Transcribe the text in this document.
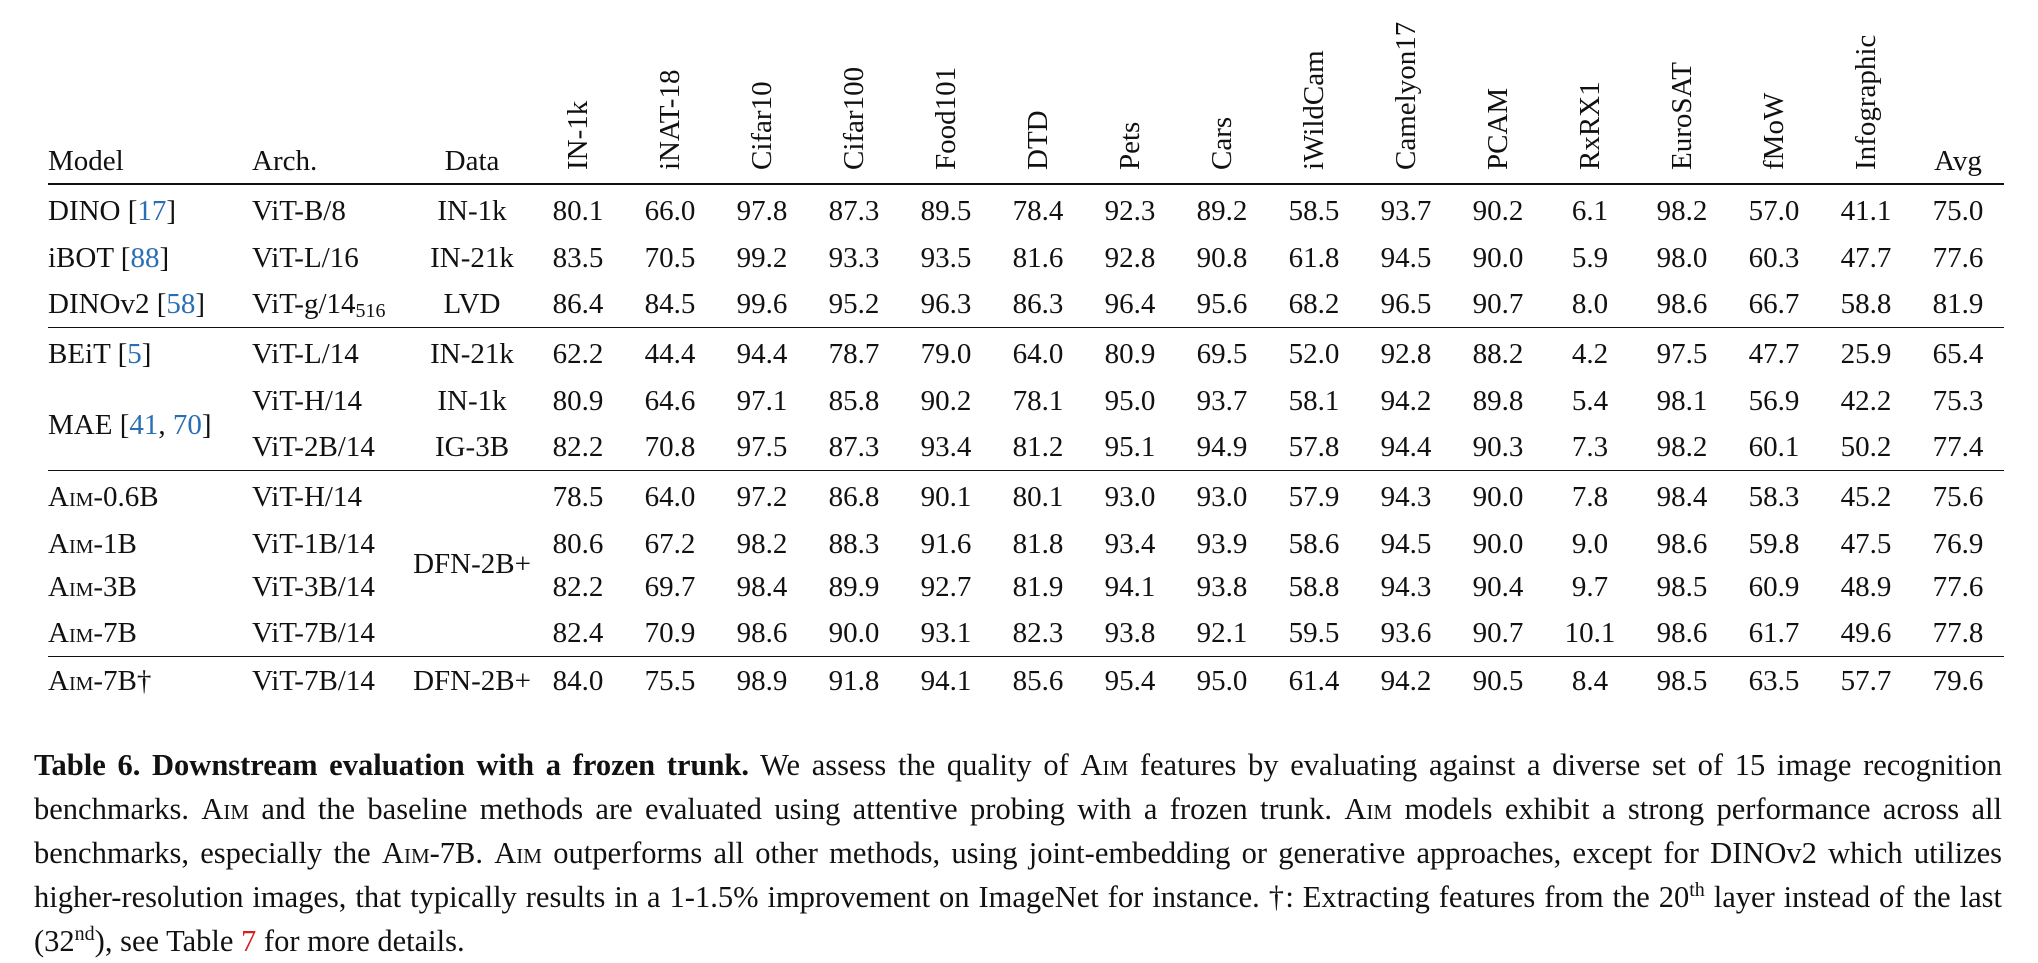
Model	Arch.	Data	IN-1k	iNAT-18	Cifar10	Cifar100	Food101	DTD	Pets	Cars	iWildCam	Camelyon17	PCAM	RxRX1	EuroSAT	fMoW	Infographic	Avg
DINO [17]	ViT-B/8	IN-1k	80.1	66.0	97.8	87.3	89.5	78.4	92.3	89.2	58.5	93.7	90.2	6.1	98.2	57.0	41.1	75.0
iBOT [88]	ViT-L/16	IN-21k	83.5	70.5	99.2	93.3	93.5	81.6	92.8	90.8	61.8	94.5	90.0	5.9	98.0	60.3	47.7	77.6
DINOv2 [58]	ViT-$g/14_{516}$	LVD	86.4	84.5	99.6	95.2	96.3	86.3	96.4	95.6	68.2	96.5	90.7	8.0	98.6	66.7	58.8	81.9
BEiT [5]	ViT-L/14	IN-21k	62.2	44.4	94.4	78.7	79.0	64.0	80.9	69.5	52.0	92.8	88.2	4.2	97.5	47.7	25.9	65.4
MAE [41, 70]	ViT-H/14	IN-1k	80.9	64.6	97.1	85.8	90.2	78.1	95.0	93.7	58.1	94.2	89.8	5.4	98.1	56.9	42.2	75.3
	ViT-2B/14	IG-3B	82.2	70.8	97.5	87.3	93.4	81.2	95.1	94.9	57.8	94.4	90.3	7.3	98.2	60.1	50.2	77.4
Aim-0.6B	ViT-H/14	DFN-2B+	78.5	64.0	97.2	86.8	90.1	80.1	93.0	93.0	57.9	94.3	90.0	7.8	98.4	58.3	45.2	75.6
Aim-1B	ViT-1B/14		80.6	67.2	98.2	88.3	91.6	81.8	93.4	93.9	58.6	94.5	90.0	9.0	98.6	59.8	47.5	76.9
Aim-3B	ViT-3B/14		82.2	69.7	98.4	89.9	92.7	81.9	94.1	93.8	58.8	94.3	90.4	9.7	98.5	60.9	48.9	77.6
Aim-7B	ViT-7B/14		82.4	70.9	98.6	90.0	93.1	82.3	93.8	92.1	59.5	93.6	90.7	10.1	98.6	61.7	49.6	77.8
Aim-7B†	ViT-7B/14	DFN-2B+	84.0	75.5	98.9	91.8	94.1	85.6	95.4	95.0	61.4	94.2	90.5	8.4	98.5	63.5	57.7	79.6

Table 6. Downstream evaluation with a frozen trunk. We assess the quality of Aim features by evaluating against a diverse set of 15 image recognition benchmarks. Aim and the baseline methods are evaluated using attentive probing with a frozen trunk. Aim models exhibit a strong performance across all benchmarks, especially the Aim-7B. Aim outperforms all other methods, using joint-embedding or generative approaches, except for DINOv2 which utilizes higher-resolution images, that typically results in a 1-1.5% improvement on ImageNet for instance. †: Extracting features from the 20th layer instead of the last (32nd), see Table 7 for more details.
